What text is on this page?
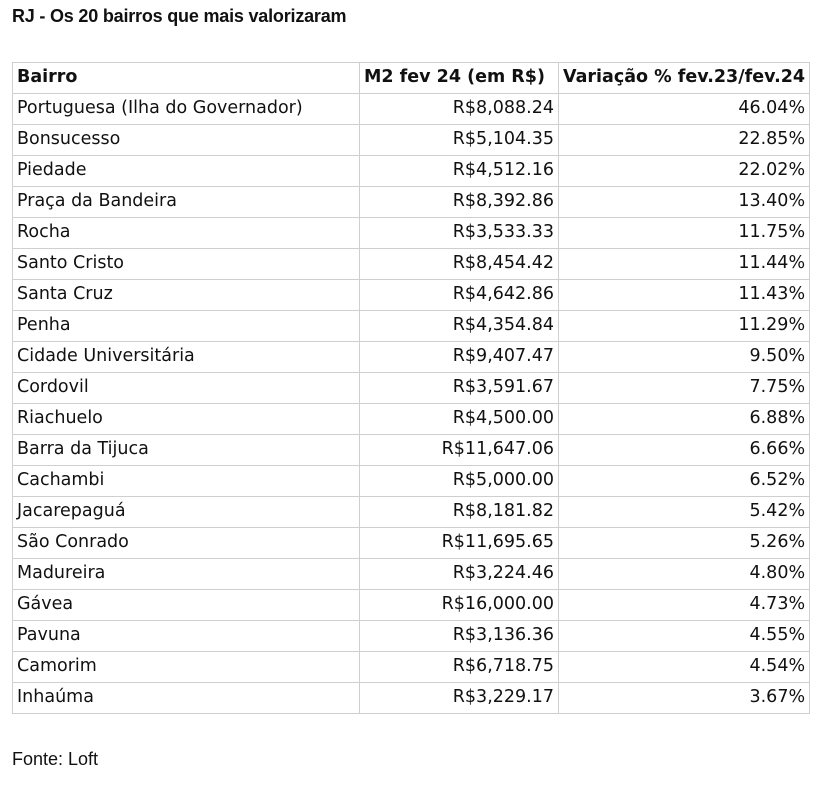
RJ - Os 20 bairros que mais valorizaram
Bairro	M2 fev 24 (em R$)	Variação % fev.23/fev.24
Portuguesa (Ilha do Governador)	R$8,088.24	46.04%
Bonsucesso	R$5,104.35	22.85%
Piedade	R$4,512.16	22.02%
Praça da Bandeira	R$8,392.86	13.40%
Rocha	R$3,533.33	11.75%
Santo Cristo	R$8,454.42	11.44%
Santa Cruz	R$4,642.86	11.43%
Penha	R$4,354.84	11.29%
Cidade Universitária	R$9,407.47	9.50%
Cordovil	R$3,591.67	7.75%
Riachuelo	R$4,500.00	6.88%
Barra da Tijuca	R$11,647.06	6.66%
Cachambi	R$5,000.00	6.52%
Jacarepaguá	R$8,181.82	5.42%
São Conrado	R$11,695.65	5.26%
Madureira	R$3,224.46	4.80%
Gávea	R$16,000.00	4.73%
Pavuna	R$3,136.36	4.55%
Camorim	R$6,718.75	4.54%
Inhaúma	R$3,229.17	3.67%
Fonte: Loft
